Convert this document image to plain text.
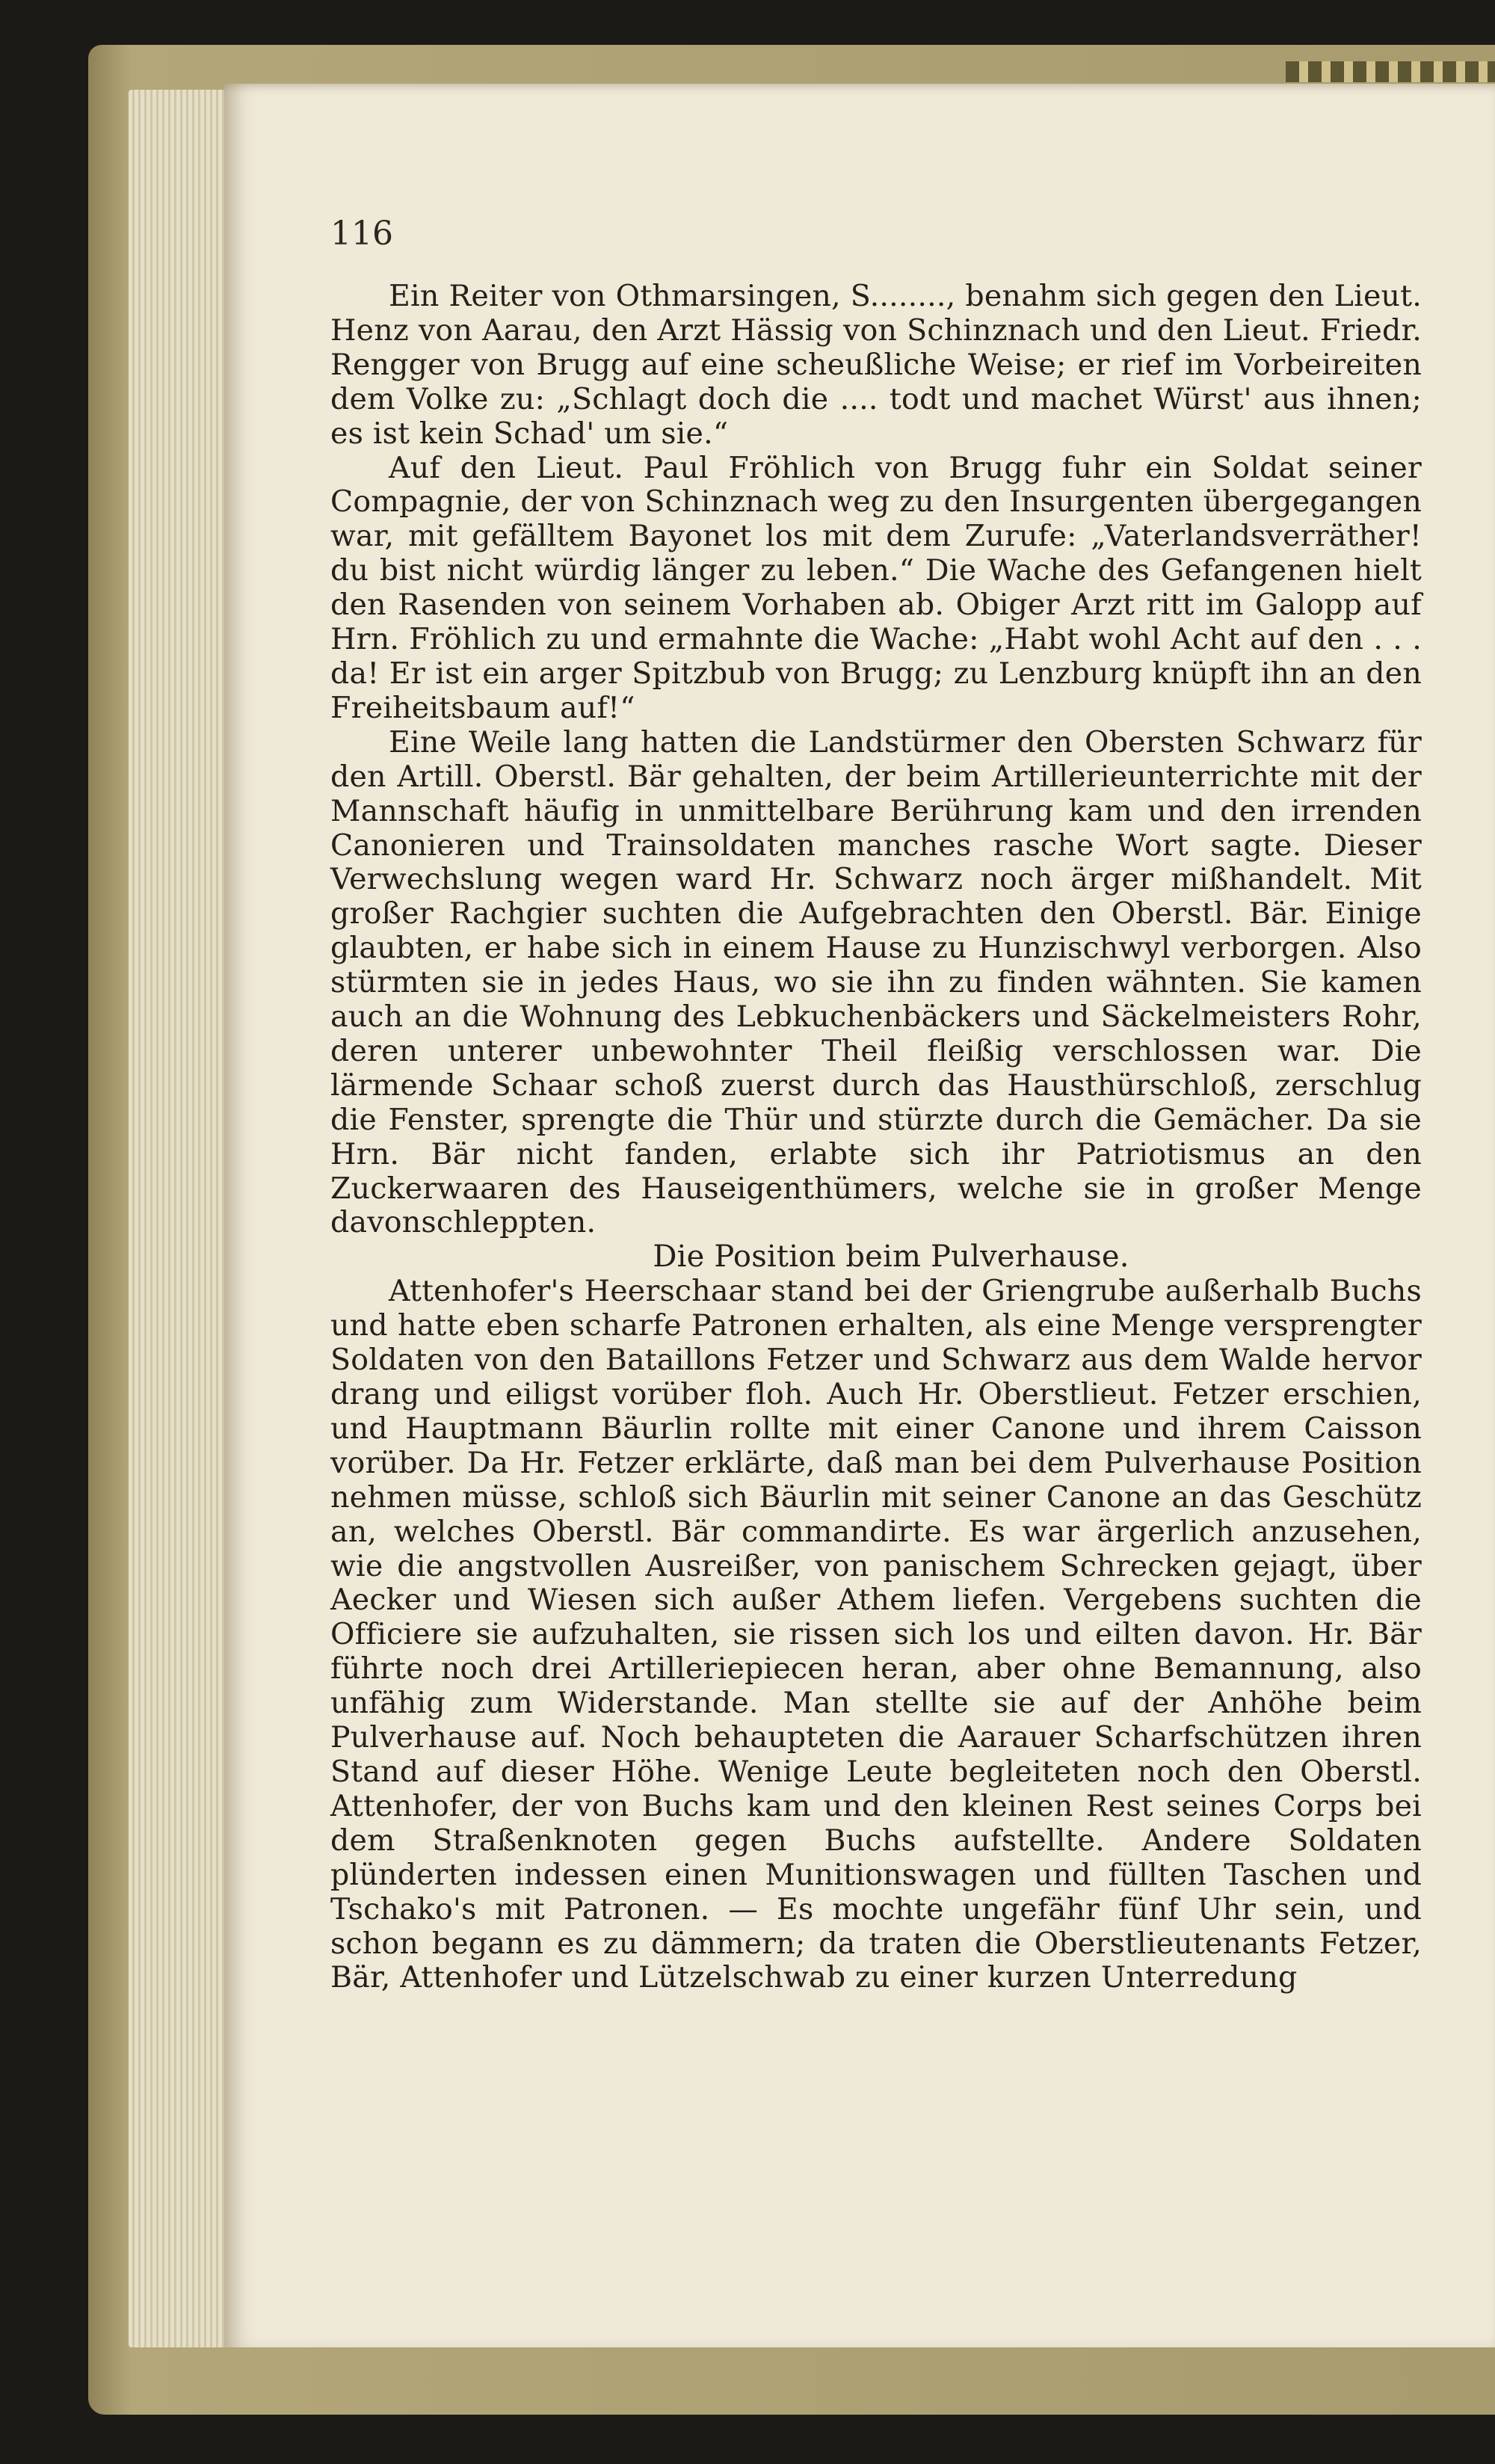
116

Ein Reiter von Othmarsingen, S........, benahm sich gegen den Lieut. Henz von Aarau, den Arzt Hässig von Schinznach und den Lieut. Friedr. Rengger von Brugg auf eine scheußliche Weise; er rief im Vorbeireiten dem Volke zu: „Schlagt doch die .... todt und machet Würst' aus ihnen; es ist kein Schad' um sie.“

Auf den Lieut. Paul Fröhlich von Brugg fuhr ein Soldat seiner Compagnie, der von Schinznach weg zu den Insurgenten übergegangen war, mit gefälltem Bayonet los mit dem Zurufe: „Vaterlandsverräther! du bist nicht würdig länger zu leben.“ Die Wache des Gefangenen hielt den Rasenden von seinem Vorhaben ab. Obiger Arzt ritt im Galopp auf Hrn. Fröhlich zu und ermahnte die Wache: „Habt wohl Acht auf den . . . da! Er ist ein arger Spitzbub von Brugg; zu Lenzburg knüpft ihn an den Freiheitsbaum auf!“

Eine Weile lang hatten die Landstürmer den Obersten Schwarz für den Artill. Oberstl. Bär gehalten, der beim Artillerieunterrichte mit der Mannschaft häufig in unmittelbare Berührung kam und den irrenden Canonieren und Trainsoldaten manches rasche Wort sagte. Dieser Verwechslung wegen ward Hr. Schwarz noch ärger mißhandelt. Mit großer Rachgier suchten die Aufgebrachten den Oberstl. Bär. Einige glaubten, er habe sich in einem Hause zu Hunzischwyl verborgen. Also stürmten sie in jedes Haus, wo sie ihn zu finden wähnten. Sie kamen auch an die Wohnung des Lebkuchenbäckers und Säckelmeisters Rohr, deren unterer unbewohnter Theil fleißig verschlossen war. Die lärmende Schaar schoß zuerst durch das Hausthürschloß, zerschlug die Fenster, sprengte die Thür und stürzte durch die Gemächer. Da sie Hrn. Bär nicht fanden, erlabte sich ihr Patriotismus an den Zuckerwaaren des Hauseigenthümers, welche sie in großer Menge davonschleppten.

Die Position beim Pulverhause.

Attenhofer's Heerschaar stand bei der Griengrube außerhalb Buchs und hatte eben scharfe Patronen erhalten, als eine Menge versprengter Soldaten von den Bataillons Fetzer und Schwarz aus dem Walde hervor drang und eiligst vorüber floh. Auch Hr. Oberstlieut. Fetzer erschien, und Hauptmann Bäurlin rollte mit einer Canone und ihrem Caisson vorüber. Da Hr. Fetzer erklärte, daß man bei dem Pulverhause Position nehmen müsse, schloß sich Bäurlin mit seiner Canone an das Geschütz an, welches Oberstl. Bär commandirte. Es war ärgerlich anzusehen, wie die angstvollen Ausreißer, von panischem Schrecken gejagt, über Aecker und Wiesen sich außer Athem liefen. Vergebens suchten die Officiere sie aufzuhalten, sie rissen sich los und eilten davon. Hr. Bär führte noch drei Artilleriepiecen heran, aber ohne Bemannung, also unfähig zum Widerstande. Man stellte sie auf der Anhöhe beim Pulverhause auf. Noch behaupteten die Aarauer Scharfschützen ihren Stand auf dieser Höhe. Wenige Leute begleiteten noch den Oberstl. Attenhofer, der von Buchs kam und den kleinen Rest seines Corps bei dem Straßenknoten gegen Buchs aufstellte. Andere Soldaten plünderten indessen einen Munitionswagen und füllten Taschen und Tschako's mit Patronen. — Es mochte ungefähr fünf Uhr sein, und schon begann es zu dämmern; da traten die Oberstlieutenants Fetzer, Bär, Attenhofer und Lützelschwab zu einer kurzen Unterredung
